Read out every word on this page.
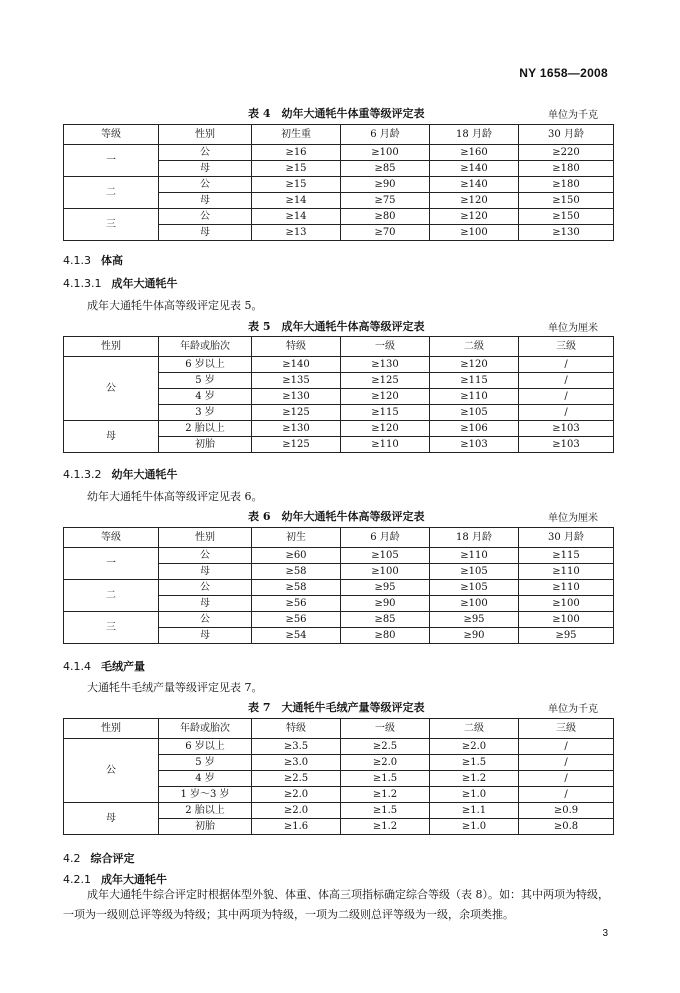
NY 1658—2008
表 4　幼年大通牦牛体重等级评定表	单位为千克
等级	性别	初生重	6 月龄	18 月龄	30 月龄
一	公	≥16	≥100	≥160	≥220
	母	≥15	≥85	≥140	≥180
二	公	≥15	≥90	≥140	≥180
	母	≥14	≥75	≥120	≥150
三	公	≥14	≥80	≥120	≥150
	母	≥13	≥70	≥100	≥130
4.1.3 体高
4.1.3.1 成年大通牦牛
成年大通牦牛体高等级评定见表 5。
表 5　成年大通牦牛体高等级评定表	单位为厘米
性别	年龄或胎次	特级	一级	二级	三级
公	6 岁以上	≥140	≥130	≥120	/
	5 岁	≥135	≥125	≥115	/
	4 岁	≥130	≥120	≥110	/
	3 岁	≥125	≥115	≥105	/
母	2 胎以上	≥130	≥120	≥106	≥103
	初胎	≥125	≥110	≥103	≥103
4.1.3.2 幼年大通牦牛
幼年大通牦牛体高等级评定见表 6。
表 6　幼年大通牦牛体高等级评定表	单位为厘米
等级	性别	初生	6 月龄	18 月龄	30 月龄
一	公	≥60	≥105	≥110	≥115
	母	≥58	≥100	≥105	≥110
二	公	≥58	≥95	≥105	≥110
	母	≥56	≥90	≥100	≥100
三	公	≥56	≥85	≥95	≥100
	母	≥54	≥80	≥90	≥95
4.1.4 毛绒产量
大通牦牛毛绒产量等级评定见表 7。
表 7　大通牦牛毛绒产量等级评定表	单位为千克
性别	年龄或胎次	特级	一级	二级	三级
公	6 岁以上	≥3.5	≥2.5	≥2.0	/
	5 岁	≥3.0	≥2.0	≥1.5	/
	4 岁	≥2.5	≥1.5	≥1.2	/
	1 岁～3 岁	≥2.0	≥1.2	≥1.0	/
母	2 胎以上	≥2.0	≥1.5	≥1.1	≥0.9
	初胎	≥1.6	≥1.2	≥1.0	≥0.8
4.2 综合评定
4.2.1 成年大通牦牛
成年大通牦牛综合评定时根据体型外貌、体重、体高三项指标确定综合等级（表 8）。如：其中两项为特级，一项为一级则总评等级为特级；其中两项为特级，一项为二级则总评等级为一级，余项类推。
3
